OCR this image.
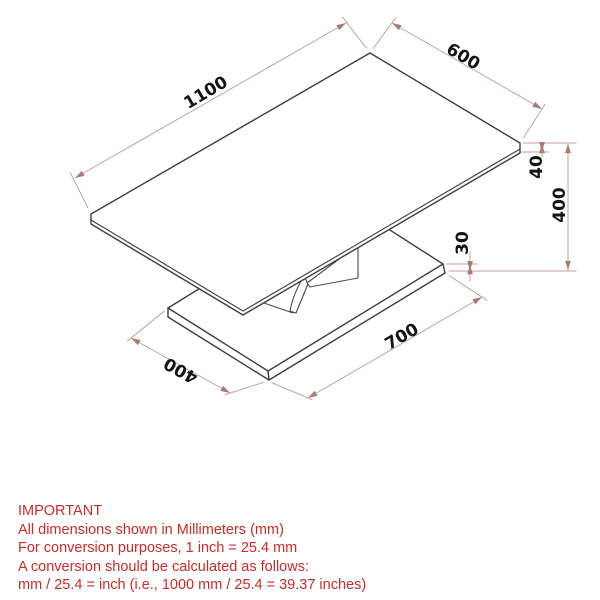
1100
600
40
400
30
700
400
IMPORTANT
All dimensions shown in Millimeters (mm)
For conversion purposes, 1 inch = 25.4 mm
A conversion should be calculated as follows:
mm / 25.4 = inch (i.e., 1000 mm / 25.4 = 39.37 inches)
